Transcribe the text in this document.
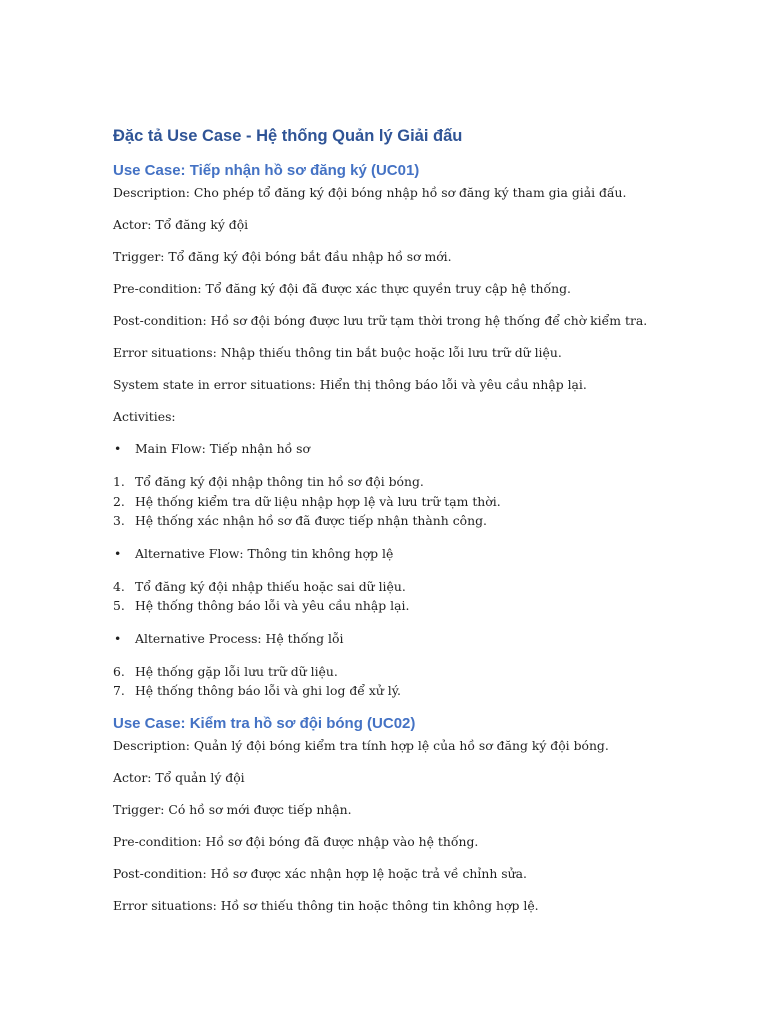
Đặc tả Use Case - Hệ thống Quản lý Giải đấu
Use Case: Tiếp nhận hồ sơ đăng ký (UC01)

Description: Cho phép tổ đăng ký đội bóng nhập hồ sơ đăng ký tham gia giải đấu.

Actor: Tổ đăng ký đội

Trigger: Tổ đăng ký đội bóng bắt đầu nhập hồ sơ mới.

Pre-condition: Tổ đăng ký đội đã được xác thực quyền truy cập hệ thống.

Post-condition: Hồ sơ đội bóng được lưu trữ tạm thời trong hệ thống để chờ kiểm tra.

Error situations: Nhập thiếu thông tin bắt buộc hoặc lỗi lưu trữ dữ liệu.

System state in error situations: Hiển thị thông báo lỗi và yêu cầu nhập lại.

Activities:

• Main Flow: Tiếp nhận hồ sơ
1. Tổ đăng ký đội nhập thông tin hồ sơ đội bóng.
2. Hệ thống kiểm tra dữ liệu nhập hợp lệ và lưu trữ tạm thời.
3. Hệ thống xác nhận hồ sơ đã được tiếp nhận thành công.
• Alternative Flow: Thông tin không hợp lệ
4. Tổ đăng ký đội nhập thiếu hoặc sai dữ liệu.
5. Hệ thống thông báo lỗi và yêu cầu nhập lại.
• Alternative Process: Hệ thống lỗi
6. Hệ thống gặp lỗi lưu trữ dữ liệu.
7. Hệ thống thông báo lỗi và ghi log để xử lý.
Use Case: Kiểm tra hồ sơ đội bóng (UC02)

Description: Quản lý đội bóng kiểm tra tính hợp lệ của hồ sơ đăng ký đội bóng.

Actor: Tổ quản lý đội

Trigger: Có hồ sơ mới được tiếp nhận.

Pre-condition: Hồ sơ đội bóng đã được nhập vào hệ thống.

Post-condition: Hồ sơ được xác nhận hợp lệ hoặc trả về chỉnh sửa.

Error situations: Hồ sơ thiếu thông tin hoặc thông tin không hợp lệ.
